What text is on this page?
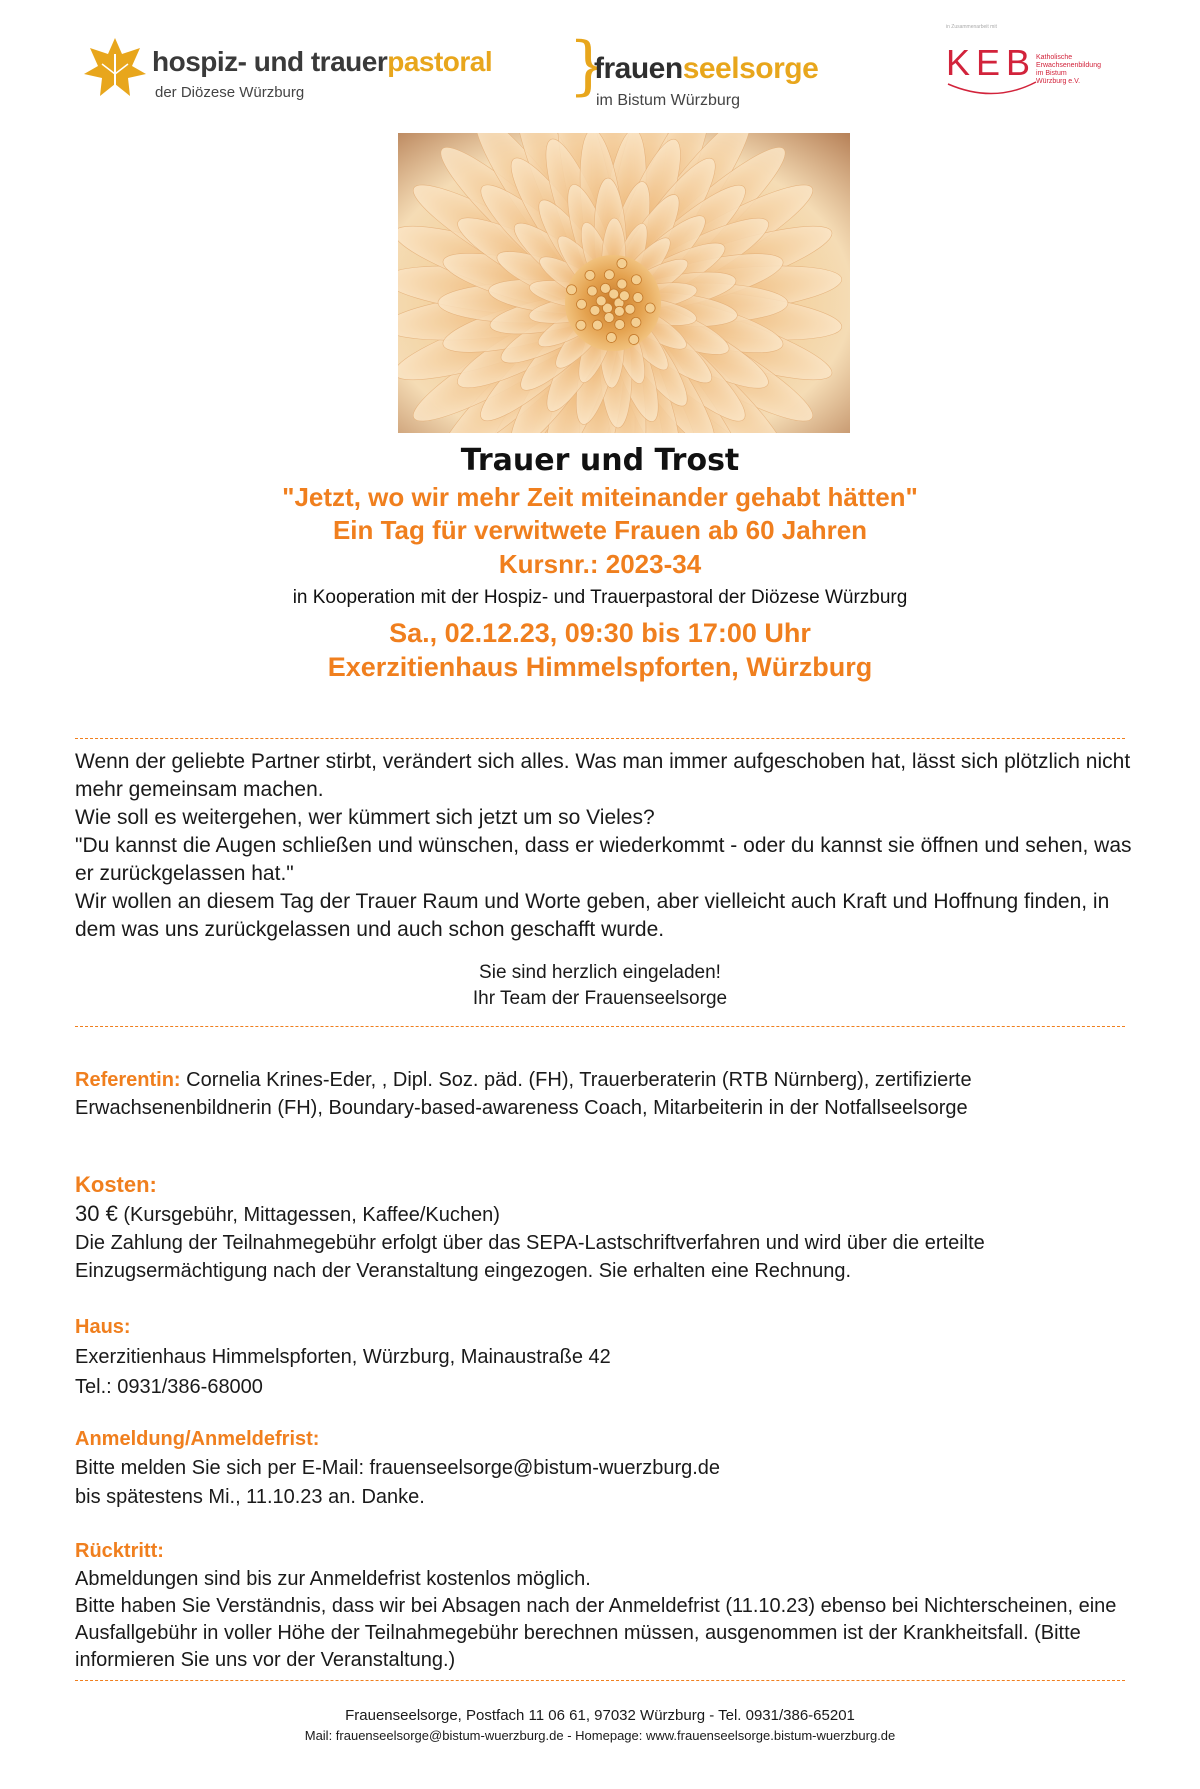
hospiz- und trauerpastoral
der Diözese Würzburg	}
frauenseelsorge
im Bistum Würzburg
in Zusammenarbeit mit
KEB Katholische
Erwachsenenbildung
im Bistum
Würzburg e.V.
Trauer und Trost
"Jetzt, wo wir mehr Zeit miteinander gehabt hätten"
Ein Tag für verwitwete Frauen ab 60 Jahren
Kursnr.: 2023-34
in Kooperation mit der Hospiz- und Trauerpastoral der Diözese Würzburg
Sa., 02.12.23, 09:30 bis 17:00 Uhr
Exerzitienhaus Himmelspforten, Würzburg
Wenn der geliebte Partner stirbt, verändert sich alles. Was man immer aufgeschoben hat, lässt sich plötzlich nicht mehr gemeinsam machen.
Wie soll es weitergehen, wer kümmert sich jetzt um so Vieles?
"Du kannst die Augen schließen und wünschen, dass er wiederkommt - oder du kannst sie öffnen und sehen, was er zurückgelassen hat."
Wir wollen an diesem Tag der Trauer Raum und Worte geben, aber vielleicht auch Kraft und Hoffnung finden, in dem was uns zurückgelassen und auch schon geschafft wurde.
Sie sind herzlich eingeladen!
Ihr Team der Frauenseelsorge
Referentin: Cornelia Krines-Eder, , Dipl. Soz. päd. (FH), Trauerberaterin (RTB Nürnberg), zertifizierte Erwachsenenbildnerin (FH), Boundary-based-awareness Coach, Mitarbeiterin in der Notfallseelsorge
Kosten:
30 € (Kursgebühr, Mittagessen, Kaffee/Kuchen)
Die Zahlung der Teilnahmegebühr erfolgt über das SEPA-Lastschriftverfahren und wird über die erteilte Einzugsermächtigung nach der Veranstaltung eingezogen. Sie erhalten eine Rechnung.
Haus:
Exerzitienhaus Himmelspforten, Würzburg, Mainaustraße 42
Tel.: 0931/386-68000
Anmeldung/Anmeldefrist:
Bitte melden Sie sich per E-Mail: frauenseelsorge@bistum-wuerzburg.de
bis spätestens Mi., 11.10.23 an. Danke.
Rücktritt:
Abmeldungen sind bis zur Anmeldefrist kostenlos möglich.
Bitte haben Sie Verständnis, dass wir bei Absagen nach der Anmeldefrist (11.10.23) ebenso bei Nichterscheinen, eine Ausfallgebühr in voller Höhe der Teilnahmegebühr berechnen müssen, ausgenommen ist der Krankheitsfall. (Bitte informieren Sie uns vor der Veranstaltung.)
Frauenseelsorge, Postfach 11 06 61, 97032 Würzburg - Tel. 0931/386-65201
Mail: frauenseelsorge@bistum-wuerzburg.de - Homepage: www.frauenseelsorge.bistum-wuerzburg.de
